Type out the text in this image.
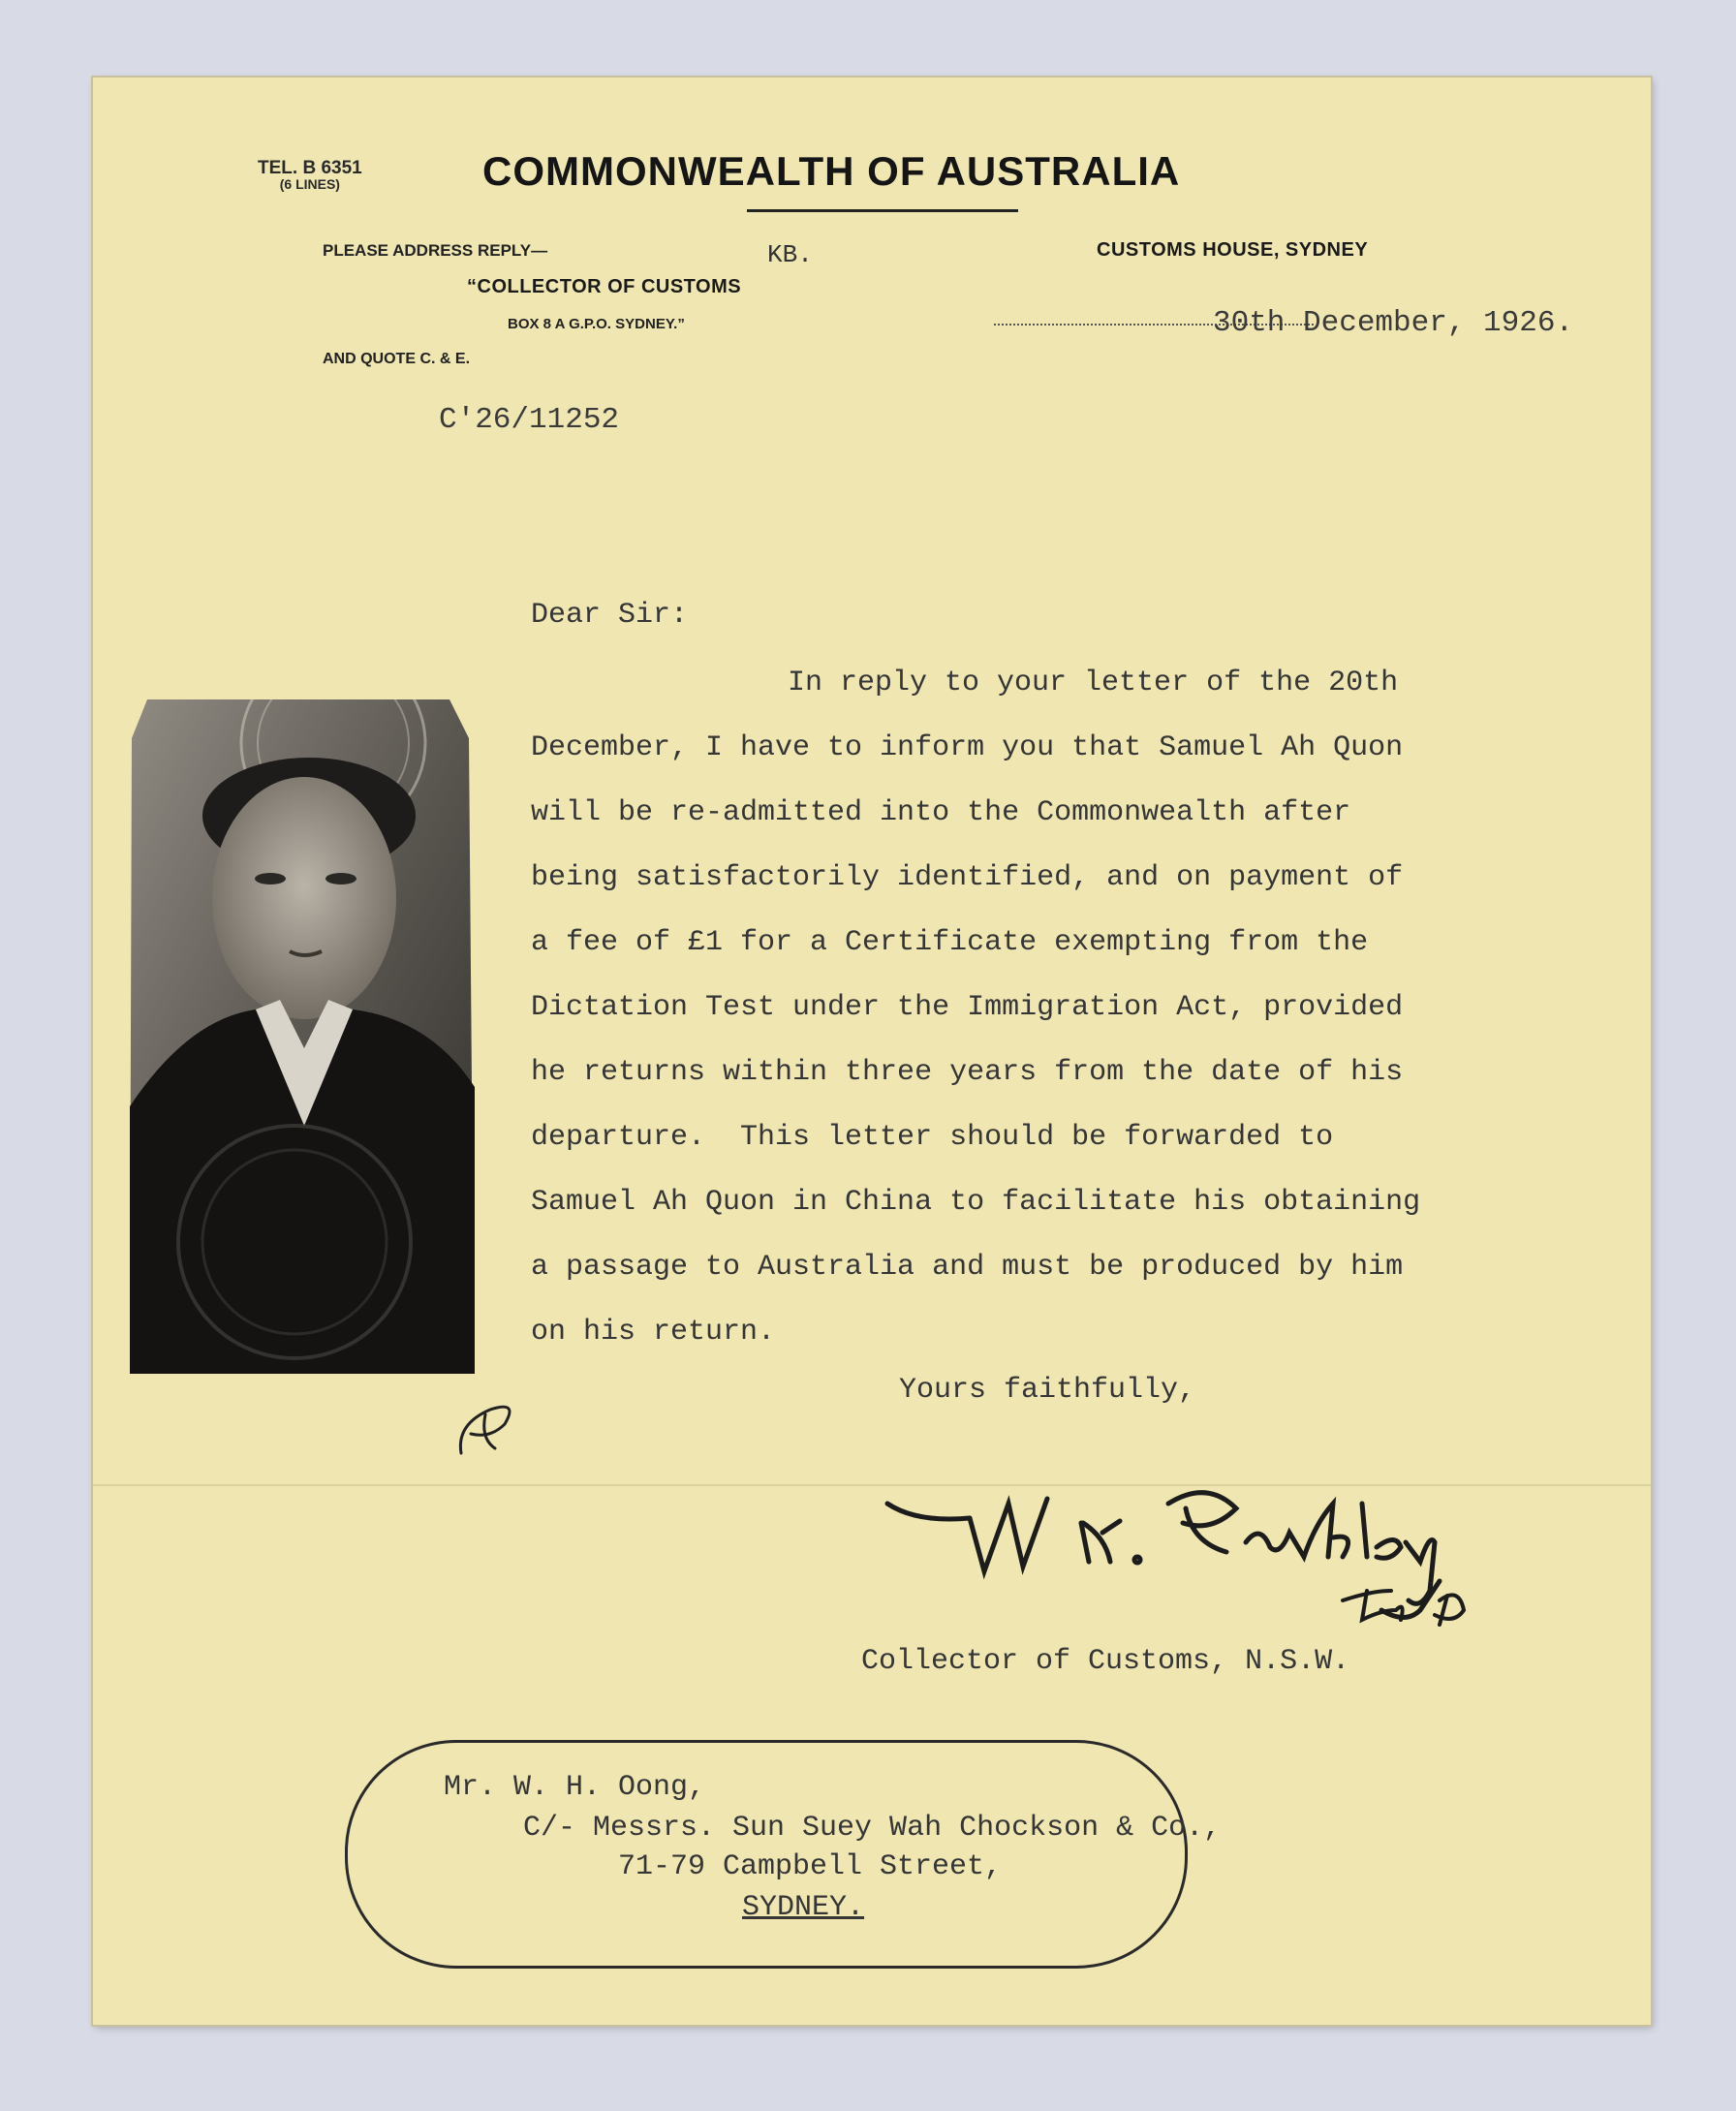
TEL. B 6351
(6 LINES)	COMMONWEALTH OF AUSTRALIA
PLEASE ADDRESS REPLY—	KB.	CUSTOMS HOUSE, SYDNEY
“COLLECTOR OF CUSTOMS
BOX 8 A G.P.O. SYDNEY.”
AND QUOTE C. & E.
30th December, 1926.
C'26/11252
Dear Sir:

In reply to your letter of the 20th

December, I have to inform you that Samuel Ah Quon

will be re-admitted into the Commonwealth after

being satisfactorily identified, and on payment of

a fee of £1 for a Certificate exempting from the

Dictation Test under the Immigration Act, provided

he returns within three years from the date of his

departure.  This letter should be forwarded to

Samuel Ah Quon in China to facilitate his obtaining

a passage to Australia and must be produced by him

on his return.

Yours faithfully,
Collector of Customs, N.S.W.
Mr. W. H. Oong,
C/- Messrs. Sun Suey Wah Chockson & Co.,
71-79 Campbell Street,
SYDNEY.
